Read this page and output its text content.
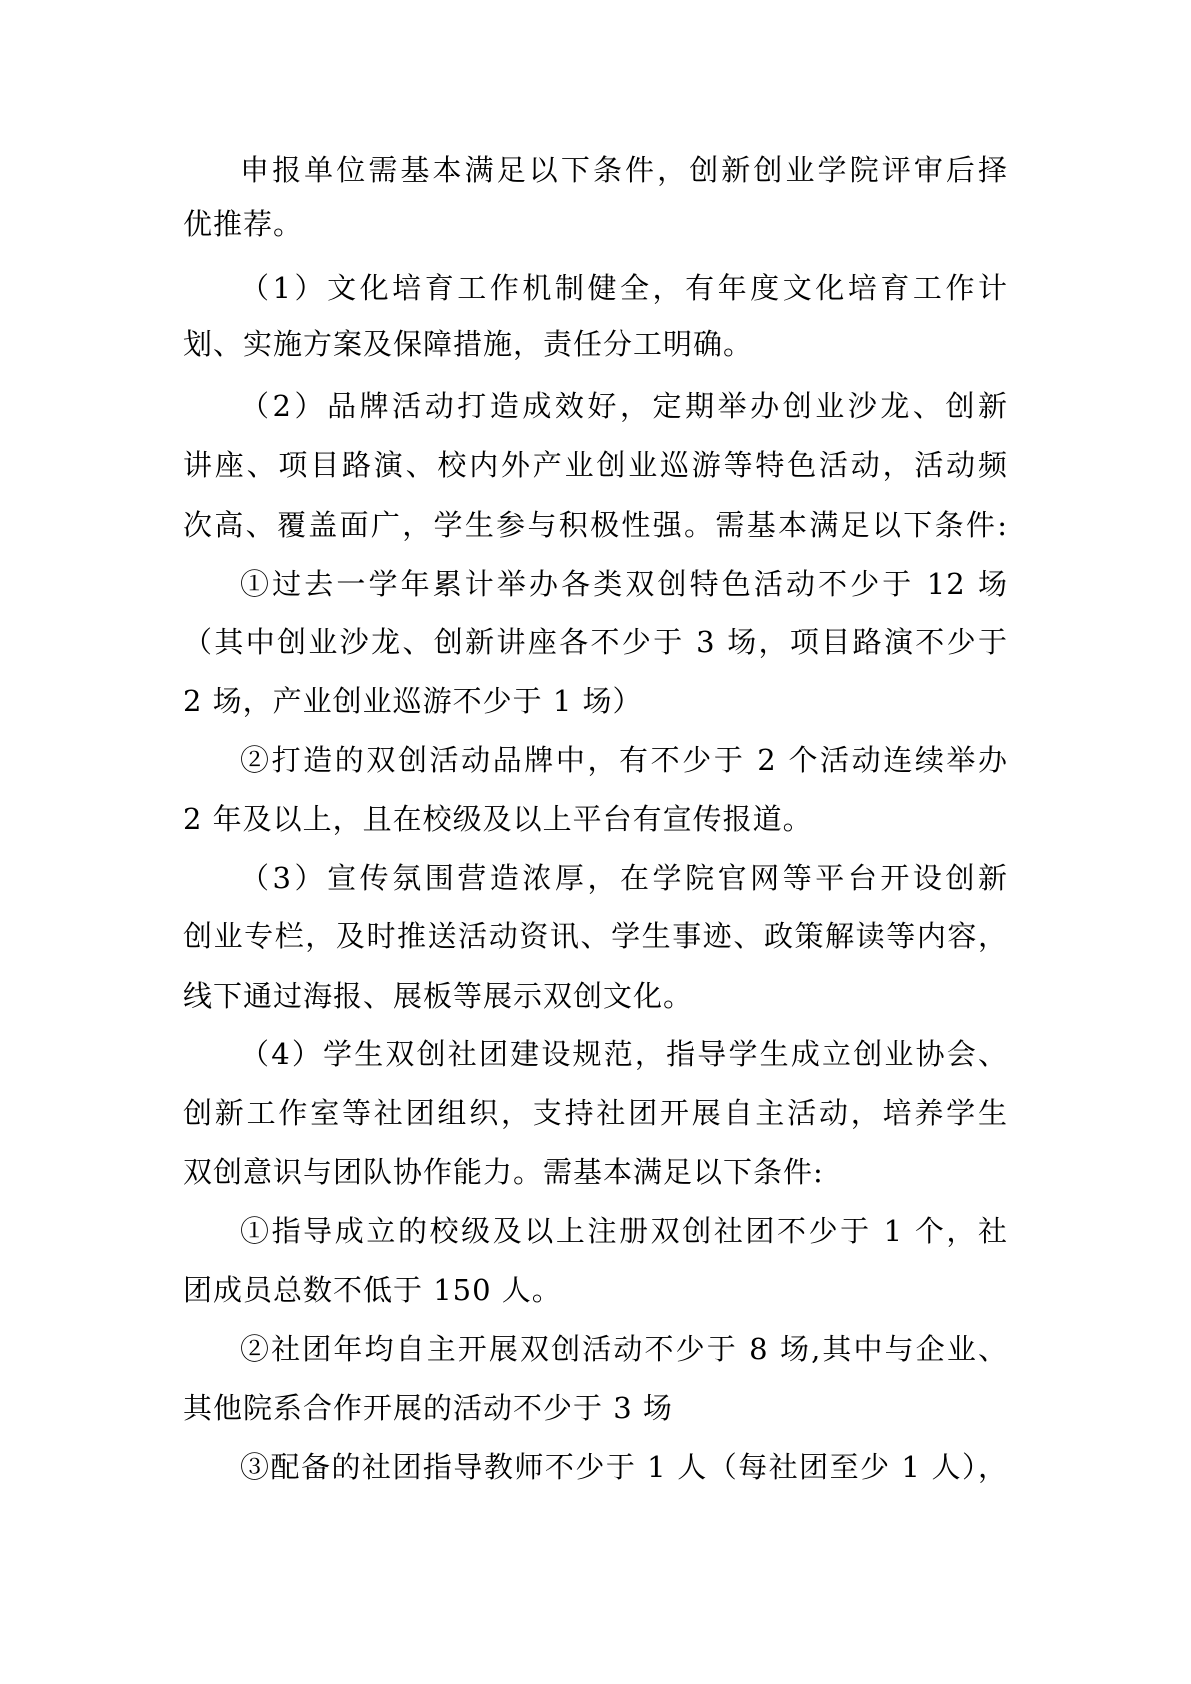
申报单位需基本满足以下条件，创新创业学院评审后择
优推荐。
（1）文化培育工作机制健全，有年度文化培育工作计
划、实施方案及保障措施，责任分工明确。
（2）品牌活动打造成效好，定期举办创业沙龙、创新
讲座、项目路演、校内外产业创业巡游等特色活动，活动频
次高、覆盖面广，学生参与积极性强。需基本满足以下条件:
①过去一学年累计举办各类双创特色活动不少于 12 场
（其中创业沙龙、创新讲座各不少于 3 场，项目路演不少于
2 场，产业创业巡游不少于 1 场）
②打造的双创活动品牌中，有不少于 2 个活动连续举办
2 年及以上，且在校级及以上平台有宣传报道。
（3）宣传氛围营造浓厚，在学院官网等平台开设创新
创业专栏，及时推送活动资讯、学生事迹、政策解读等内容，
线下通过海报、展板等展示双创文化。
（4）学生双创社团建设规范，指导学生成立创业协会、
创新工作室等社团组织，支持社团开展自主活动，培养学生
双创意识与团队协作能力。需基本满足以下条件:
①指导成立的校级及以上注册双创社团不少于 1 个，社
团成员总数不低于 150 人。
②社团年均自主开展双创活动不少于 8 场,其中与企业、
其他院系合作开展的活动不少于 3 场
③配备的社团指导教师不少于 1 人（每社团至少 1 人），
